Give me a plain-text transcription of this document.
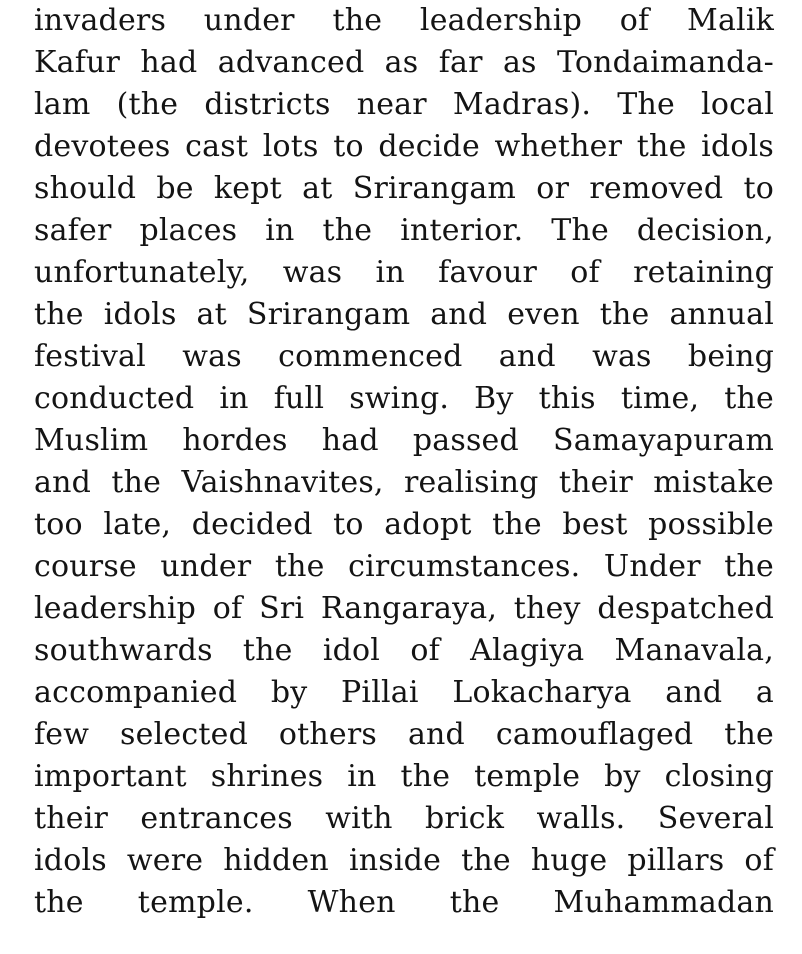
invaders under the leadership of Malik
Kafur had advanced as far as Tondaimanda-
lam (the districts near Madras). The local
devotees cast lots to decide whether the idols
should be kept at Srirangam or removed to
safer places in the interior. The decision,
unfortunately, was in favour of retaining
the idols at Srirangam and even the annual
festival was commenced and was being
conducted in full swing. By this time, the
Muslim hordes had passed Samayapuram
and the Vaishnavites, realising their mistake
too late, decided to adopt the best possible
course under the circumstances. Under the
leadership of Sri Rangaraya, they despatched
southwards the idol of Alagiya Manavala,
accompanied by Pillai Lokacharya and a
few selected others and camouflaged the
important shrines in the temple by closing
their entrances with brick walls. Several
idols were hidden inside the huge pillars of
the temple. When the Muhammadan
